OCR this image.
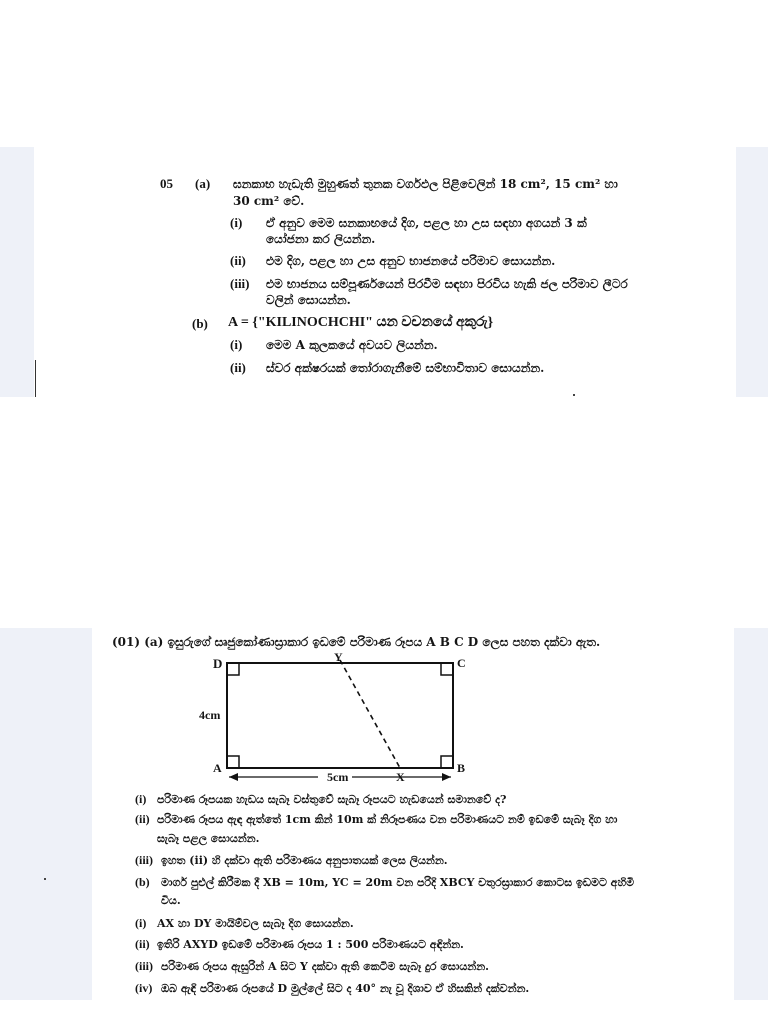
05 (a) ඝනකාභ හැඩැති මුහුණත් තුනක වර්ගඵල පිළිවෙලින් 18 cm², 15 cm² හා
30 cm² වේ.
(i) ඒ අනුව මෙම ඝනකාභයේ දිග, පළල හා උස සඳහා අගයන් 3 ක්
යෝජනා කර ලියන්න.
(ii) එම දිග, පළල හා උස අනුව භාජනයේ පරිමාව සොයන්න.
(iii) එම භාජනය සම්පූර්ණයෙන් පිරවීම සඳහා පිරවිය හැකි ජල පරිමාව ලීටර
වලින් සොයන්න.
(b) A = {"KILINOCHCHI" යන වචනයේ අකුරු}
(i) මෙම A කුලකයේ අවයව ලියන්න.
(ii) ස්වර අක්ෂරයක් තෝරාගැනීමේ සම්භාවිතාව සොයන්න.
(01) (a) ඉසුරුගේ සෘජුකෝණාස්‍රාකාර ඉඩමේ පරිමාණ රූපය A B C D ලෙස පහත දක්වා ඇත.
D	Y	C
4cm
A	B
5cm	X
(i) පරිමාණ රූපයක හැඩය සැබෑ වස්තුවේ සැබෑ රූපයට හැඩයෙන් සමානවේ ද?
(ii) පරිමාණ රූපය ඇඳ ඇත්තේ 1cm කින් 10m ක් නිරූපණය වන පරිමාණයට නම් ඉඩමේ සැබෑ දිග හා
සැබෑ පළල සොයන්න.
(iii) ඉහත (ii) හි දක්වා ඇති පරිමාණය අනුපාතයක් ලෙස ලියන්න.
(b) මාර්ග පුළුල් කිරීමක දී XB = 10m, YC = 20m වන පරිදි XBCY චතුරස්‍රාකාර කොටස ඉඩමට අහිමි
විය.
(i) AX හා DY මායිම්වල සැබෑ දිග සොයන්න.
(ii) ඉතිරි AXYD ඉඩමේ පරිමාණ රූපය 1 : 500 පරිමාණයට අඳින්න.
(iii) පරිමාණ රූපය ඇසුරින් A සිට Y දක්වා ඇති කෙටිම සැබෑ දුර සොයන්න.
(iv) ඔබ ඇඳි පරිමාණ රූපයේ D මුල්ලේ සිට ද 40° නැ වූ දිශාව ඒ හිසකින් දක්වන්න.
